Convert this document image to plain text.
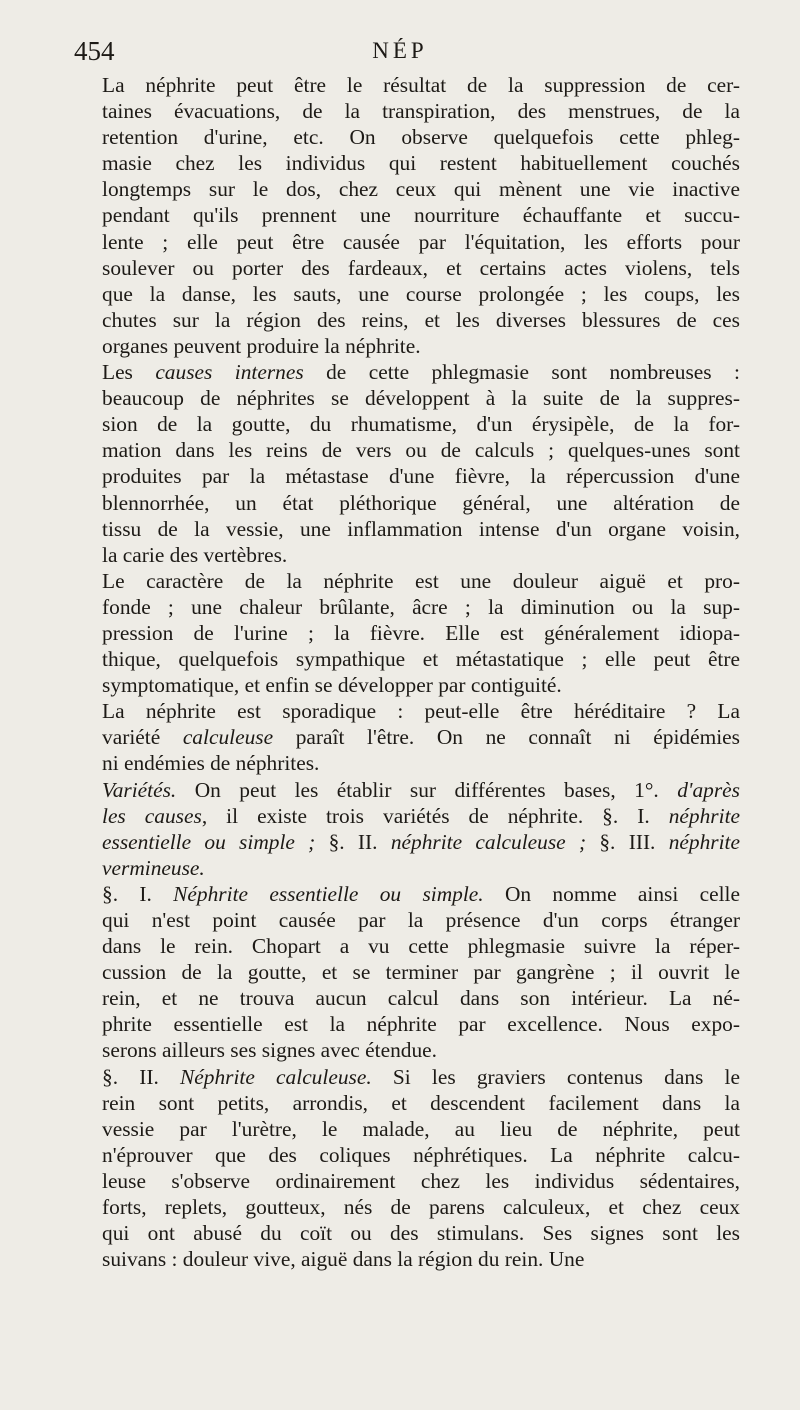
454	NÉP
La néphrite peut être le résultat de la suppression de cer-
taines évacuations, de la transpiration, des menstrues, de la
retention d'urine, etc. On observe quelquefois cette phleg-
masie chez les individus qui restent habituellement couchés
longtemps sur le dos, chez ceux qui mènent une vie inactive
pendant qu'ils prennent une nourriture échauffante et succu-
lente ; elle peut être causée par l'équitation, les efforts pour
soulever ou porter des fardeaux, et certains actes violens, tels
que la danse, les sauts, une course prolongée ; les coups, les
chutes sur la région des reins, et les diverses blessures de ces
organes peuvent produire la néphrite.
Les causes internes de cette phlegmasie sont nombreuses :
beaucoup de néphrites se développent à la suite de la suppres-
sion de la goutte, du rhumatisme, d'un érysipèle, de la for-
mation dans les reins de vers ou de calculs ; quelques-unes sont
produites par la métastase d'une fièvre, la répercussion d'une
blennorrhée, un état pléthorique général, une altération de
tissu de la vessie, une inflammation intense d'un organe voisin,
la carie des vertèbres.
Le caractère de la néphrite est une douleur aiguë et pro-
fonde ; une chaleur brûlante, âcre ; la diminution ou la sup-
pression de l'urine ; la fièvre. Elle est généralement idiopa-
thique, quelquefois sympathique et métastatique ; elle peut être
symptomatique, et enfin se développer par contiguité.
La néphrite est sporadique : peut-elle être héréditaire ? La
variété calculeuse paraît l'être. On ne connaît ni épidémies
ni endémies de néphrites.
Variétés. On peut les établir sur différentes bases, 1°. d'après
les causes, il existe trois variétés de néphrite. §. I. néphrite
essentielle ou simple ; §. II. néphrite calculeuse ; §. III. néphrite
vermineuse.
§. I. Néphrite essentielle ou simple. On nomme ainsi celle
qui n'est point causée par la présence d'un corps étranger
dans le rein. Chopart a vu cette phlegmasie suivre la réper-
cussion de la goutte, et se terminer par gangrène ; il ouvrit le
rein, et ne trouva aucun calcul dans son intérieur. La né-
phrite essentielle est la néphrite par excellence. Nous expo-
serons ailleurs ses signes avec étendue.
§. II. Néphrite calculeuse. Si les graviers contenus dans le
rein sont petits, arrondis, et descendent facilement dans la
vessie par l'urètre, le malade, au lieu de néphrite, peut
n'éprouver que des coliques néphrétiques. La néphrite calcu-
leuse s'observe ordinairement chez les individus sédentaires,
forts, replets, goutteux, nés de parens calculeux, et chez ceux
qui ont abusé du coït ou des stimulans. Ses signes sont les
suivans : douleur vive, aiguë dans la région du rein. Une
